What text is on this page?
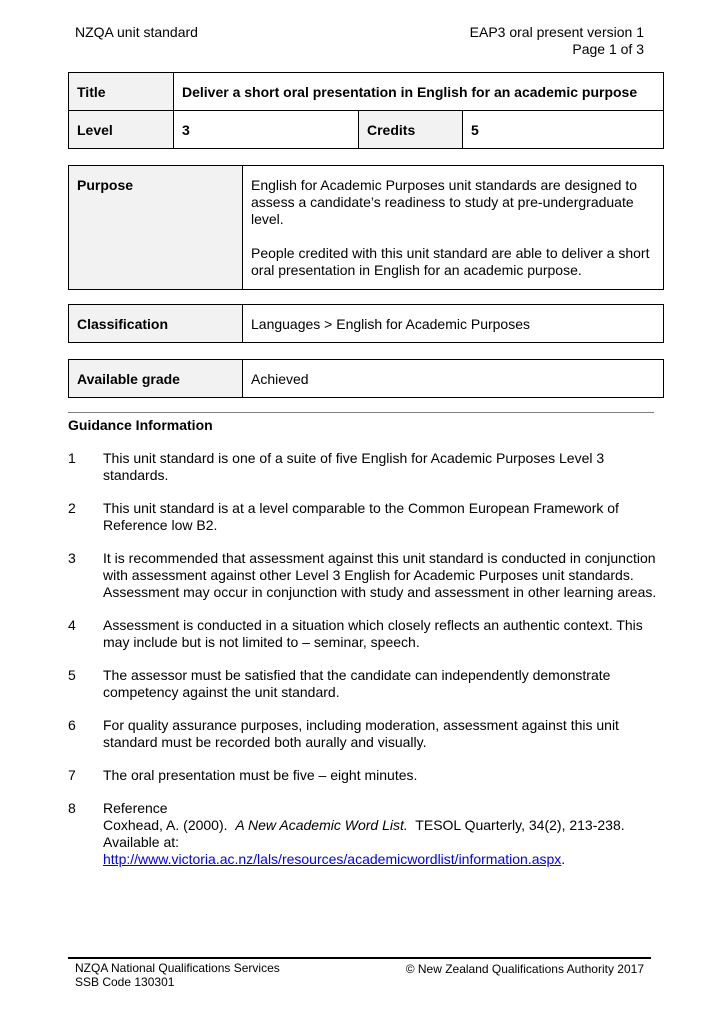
NZQA unit standard	EAP3 oral present version 1
Page 1 of 3
Title	Deliver a short oral presentation in English for an academic purpose		
Level	3	Credits	5
Purpose	English for Academic Purposes unit standards are designed to assess a candidate’s readiness to study at pre-undergraduate level.
People credited with this unit standard are able to deliver a short oral presentation in English for an academic purpose.
Classification	Languages > English for Academic Purposes
Available grade	Achieved
Guidance Information
1	This unit standard is one of a suite of five English for Academic Purposes Level 3 standards.
2	This unit standard is at a level comparable to the Common European Framework of Reference low B2.
3	It is recommended that assessment against this unit standard is conducted in conjunction with assessment against other Level 3 English for Academic Purposes unit standards. Assessment may occur in conjunction with study and assessment in other learning areas.
4	Assessment is conducted in a situation which closely reflects an authentic context. This may include but is not limited to – seminar, speech.
5	The assessor must be satisfied that the candidate can independently demonstrate competency against the unit standard.
6	For quality assurance purposes, including moderation, assessment against this unit standard must be recorded both aurally and visually.
7	The oral presentation must be five – eight minutes.
8	Reference
Coxhead, A. (2000).  A New Academic Word List.  TESOL Quarterly, 34(2), 213-238.
Available at:
http://www.victoria.ac.nz/lals/resources/academicwordlist/information.aspx.
NZQA National Qualifications Services
SSB Code 130301
© New Zealand Qualifications Authority 2017
